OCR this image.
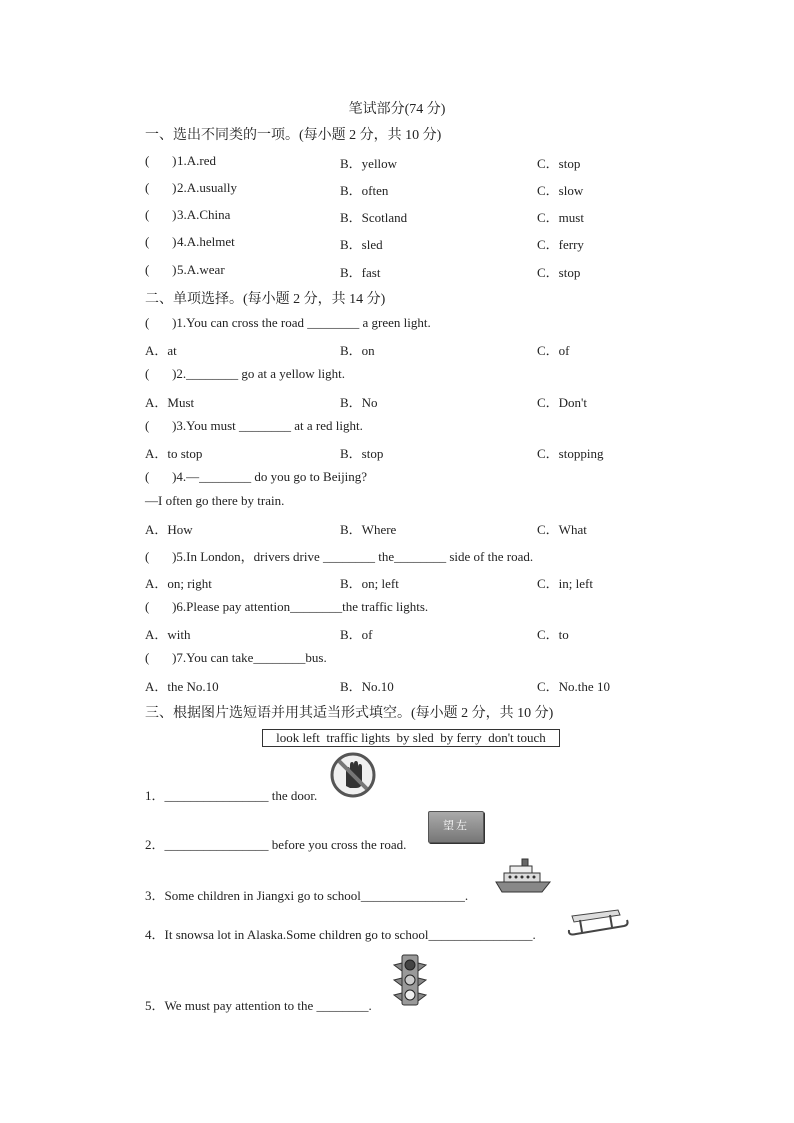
笔试部分(74 分)
一、选出不同类的一项。(每小题 2 分，共 10 分)
(       ) 1.A.red	B．yellow	C．stop
(       ) 2.A.usually	B．often	C．slow
(       ) 3.A.China	B．Scotland	C．must
(       ) 4.A.helmet	B．sled	C．ferry
(       ) 5.A.wear	B．fast	C．stop
二、单项选择。(每小题 2 分，共 14 分)
(       )1.You can cross the road ________ a green light.
A．at	B．on	C．of
(       )2.________ go at a yellow light.
A．Must	B．No	C．Don't
(       )3.You must ________ at a red light.
A．to stop	B．stop	C．stopping
(       )4.—________ do you go to Beijing?
—I often go there by train.
A．How	B．Where	C．What
(       )5.In London，drivers drive ________ the________ side of the road.
A．on; right	B．on; left	C．in; left
(       )6.Please pay attention________the traffic lights.
A．with	B．of	C．to
(       )7.You can take________bus.
A．the No.10	B．No.10	C．No.the 10
三、根据图片选短语并用其适当形式填空。(每小题 2 分，共 10 分)
look left  traffic lights  by sled  by ferry  don't touch
1．________________ the door.
2．________________ before you cross the road.
望左
3．Some children in Jiangxi go to school________________.
4．It snowsa lot in Alaska.Some children go to school________________.
5．We must pay attention to the ________.
